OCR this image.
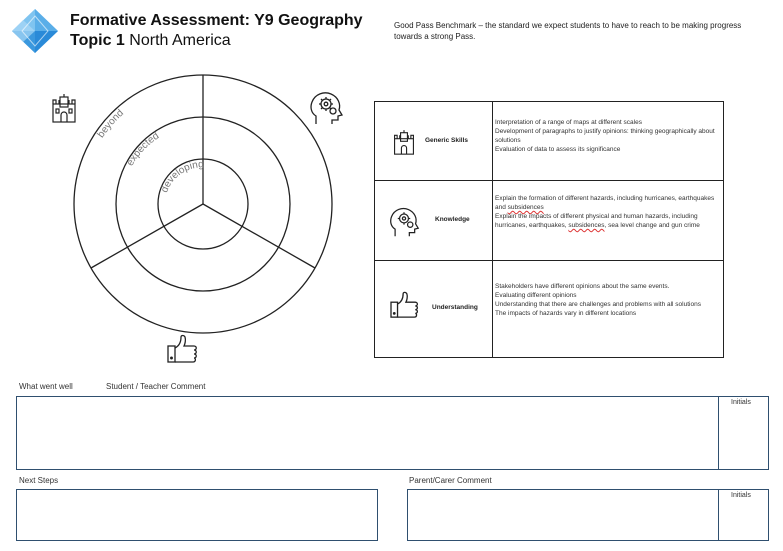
Formative Assessment: Y9 Geography
Topic 1 North America
Good Pass Benchmark – the standard we expect students to have to reach to be making progress towards a strong Pass.
beyond
expected
developing
Generic Skills
Interpretation of a range of maps at different scales
Development of paragraphs to justify opinions: thinking geographically about solutions
Evaluation of data to assess its significance
Knowledge
Explain the formation of different hazards, including hurricanes, earthquakes and subsidences
Explain the impacts of different physical and human hazards, including hurricanes, earthquakes, subsidences, sea level change and gun crime
Understanding
Stakeholders have different opinions about the same events.
Evaluating different opinions
Understanding that there are challenges and problems with all solutions
The impacts of hazards vary in different locations
What went well	Student / Teacher Comment
Initials
Next Steps	Parent/Carer Comment
Initials
